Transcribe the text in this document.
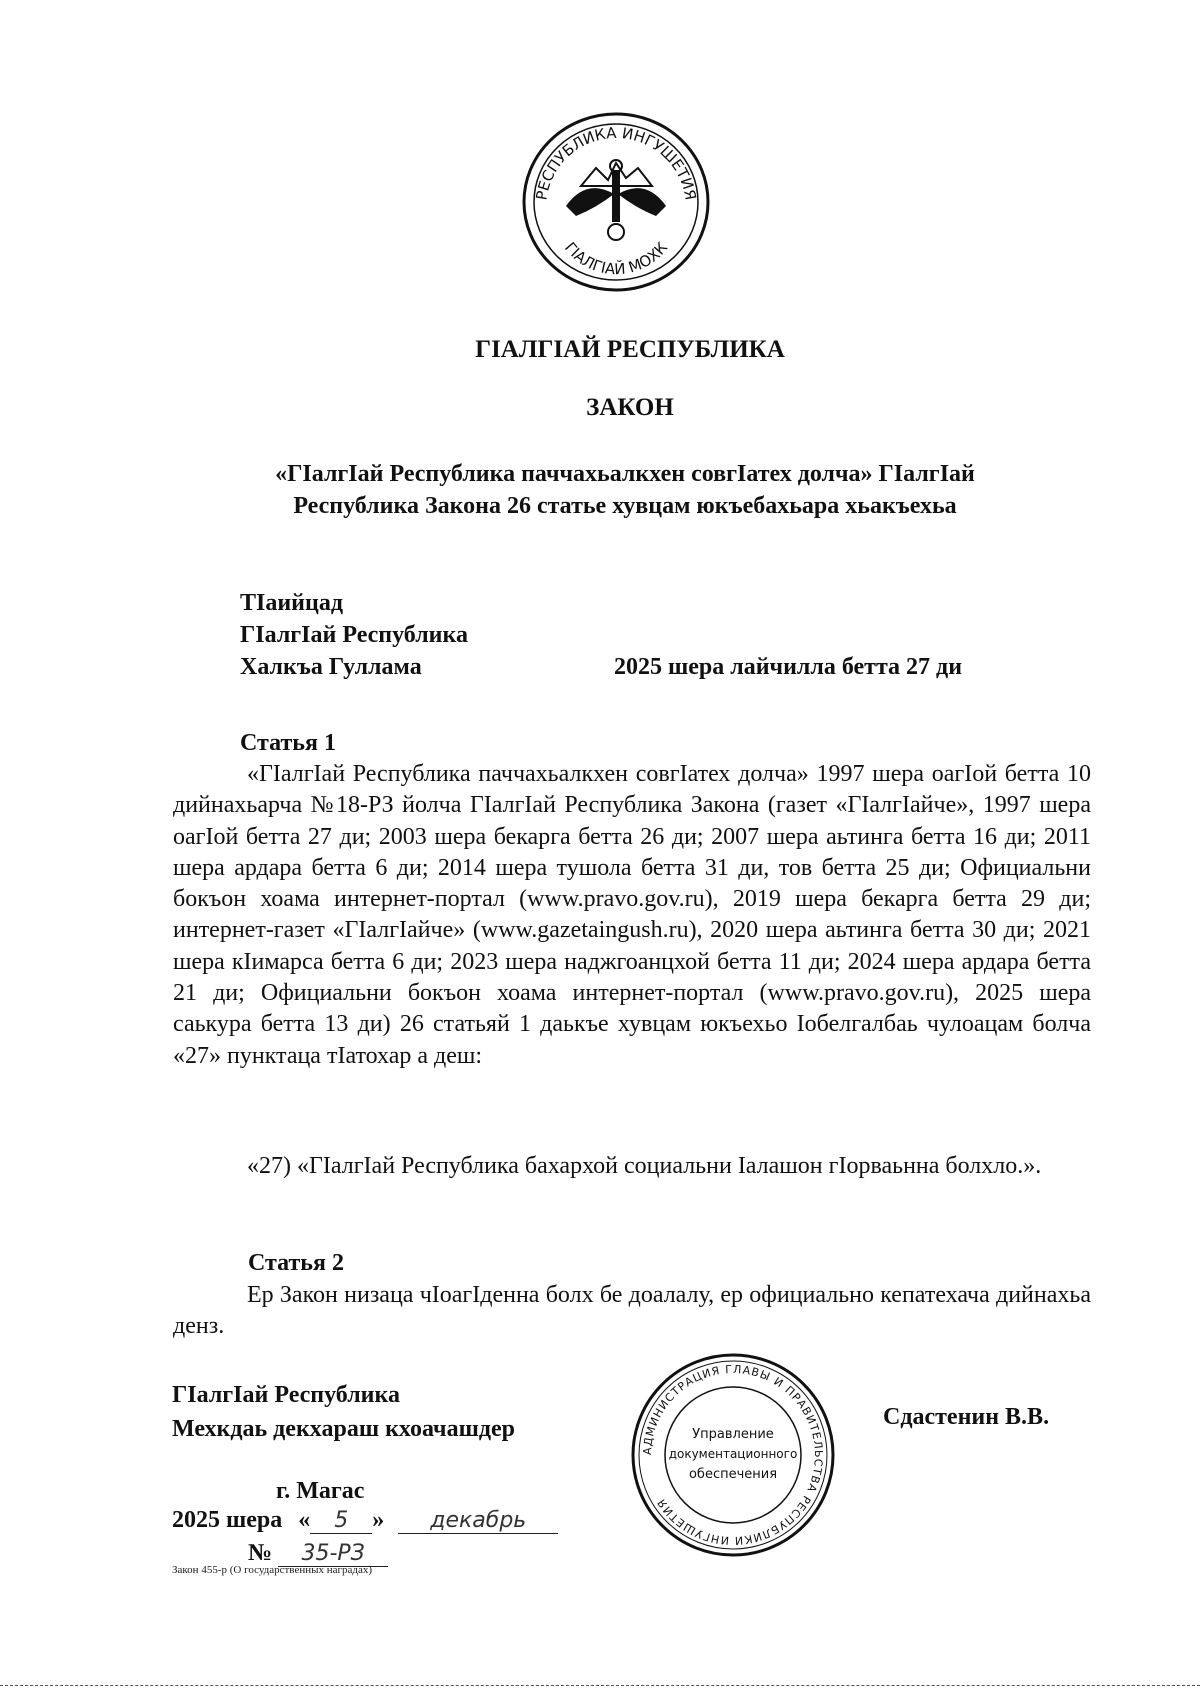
РЕСПУБЛИКА ИНГУШЕТИЯ
ГIАЛГIАЙ МОХК
ГIАЛГIАЙ РЕСПУБЛИКА
ЗАКОН
«ГIалгIай Республика паччахьалкхен совгIатех долча» ГIалгIай
Республика Закона 26 статье хувцам юкъебахьара хьакъехьа
ТIаийцад
ГIалгIай Республика
Халкъа Гуллама	2025 шера лайчилла бетта 27 ди
Статья 1
«ГIалгIай Республика паччахьалкхен совгIатех долча» 1997 шера оагIой бетта 10 дийнахьарча №18-РЗ йолча ГIалгIай Республика Закона (газет «ГIалгIайче», 1997 шера оагIой бетта 27 ди; 2003 шера бекарга бетта 26 ди; 2007 шера аьтинга бетта 16 ди; 2011 шера ардара бетта 6 ди; 2014 шера тушола бетта 31 ди, тов бетта 25 ди; Официальни бокъон хоама интернет-портал (www.pravo.gov.ru), 2019 шера бекарга бетта 29 ди; интернет-газет «ГIалгIайче» (www.gazetaingush.ru), 2020 шера аьтинга бетта 30 ди; 2021 шера кIимарса бетта 6 ди; 2023 шера наджгоанцхой бетта 11 ди; 2024 шера ардара бетта 21 ди; Официальни бокъон хоама интернет-портал (www.pravo.gov.ru), 2025 шера саькура бетта 13 ди) 26 статьяй 1 даькъе хувцам юкъехьо Iобелгалбаь чулоацам болча «27» пунктаца тIатохар а деш:
«27) «ГIалгIай Республика бахархой социальни Iалашон гIорваьнна болхло.».
Статья 2
Ер Закон низаца чIоагIденна болх бе доалалу, ер официально кепатехача дийнахьа денз.
ГIалгIай Республика
Мехкдаь декхараш кхоачашдер	Сдастенин В.В.
г. Магас
2025 шера « 5 » декабрь
№ 35-РЗ
АДМИНИСТРАЦИЯ ГЛАВЫ И ПРАВИТЕЛЬСТВА РЕСПУБЛИКИ ИНГУШЕТИЯ
Управление
документационного
обеспечения
Закон 455-р (О государственных наградах)
